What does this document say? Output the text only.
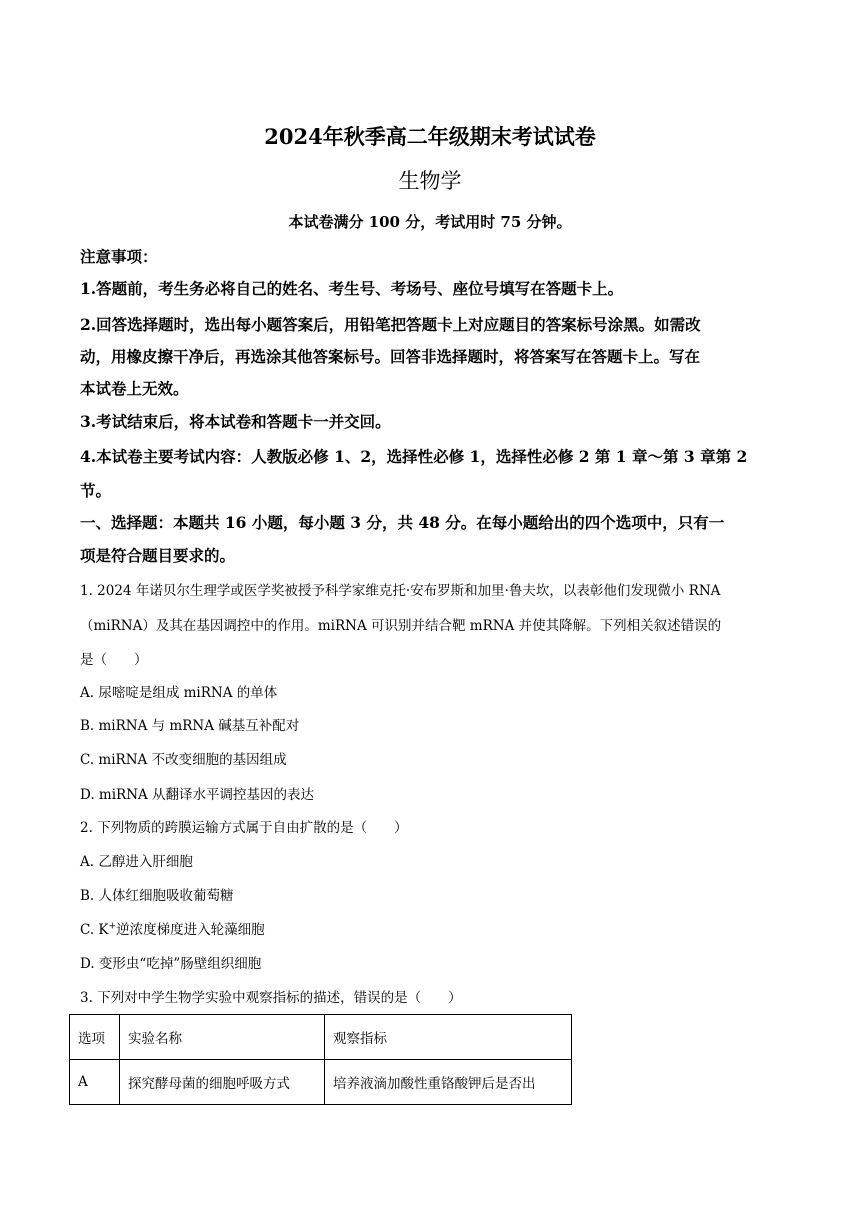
2024年秋季高二年级期末考试试卷
生物学
本试卷满分 100 分，考试用时 75 分钟。
注意事项：
1.答题前，考生务必将自己的姓名、考生号、考场号、座位号填写在答题卡上。
2.回答选择题时，选出每小题答案后，用铅笔把答题卡上对应题目的答案标号涂黑。如需改
动，用橡皮擦干净后，再选涂其他答案标号。回答非选择题时，将答案写在答题卡上。写在
本试卷上无效。
3.考试结束后，将本试卷和答题卡一并交回。
4.本试卷主要考试内容：人教版必修 1、2，选择性必修 1，选择性必修 2 第 1 章～第 3 章第 2
节。
一、选择题：本题共 16 小题，每小题 3 分，共 48 分。在每小题给出的四个选项中，只有一
项是符合题目要求的。
1. 2024 年诺贝尔生理学或医学奖被授予科学家维克托·安布罗斯和加里·鲁夫坎，以表彰他们发现微小 RNA
（miRNA）及其在基因调控中的作用。miRNA 可识别并结合靶 mRNA 并使其降解。下列相关叙述错误的
是（　　）
A. 尿嘧啶是组成 miRNA 的单体
B. miRNA 与 mRNA 碱基互补配对
C. miRNA 不改变细胞的基因组成
D. miRNA 从翻译水平调控基因的表达
2. 下列物质的跨膜运输方式属于自由扩散的是（　　）
A. 乙醇进入肝细胞
B. 人体红细胞吸收葡萄糖
C. K+逆浓度梯度进入轮藻细胞
D. 变形虫“吃掉”肠壁组织细胞
3. 下列对中学生物学实验中观察指标的描述，错误的是（　　）
选项	实验名称	观察指标
A	探究酵母菌的细胞呼吸方式	培养液滴加酸性重铬酸钾后是否出
